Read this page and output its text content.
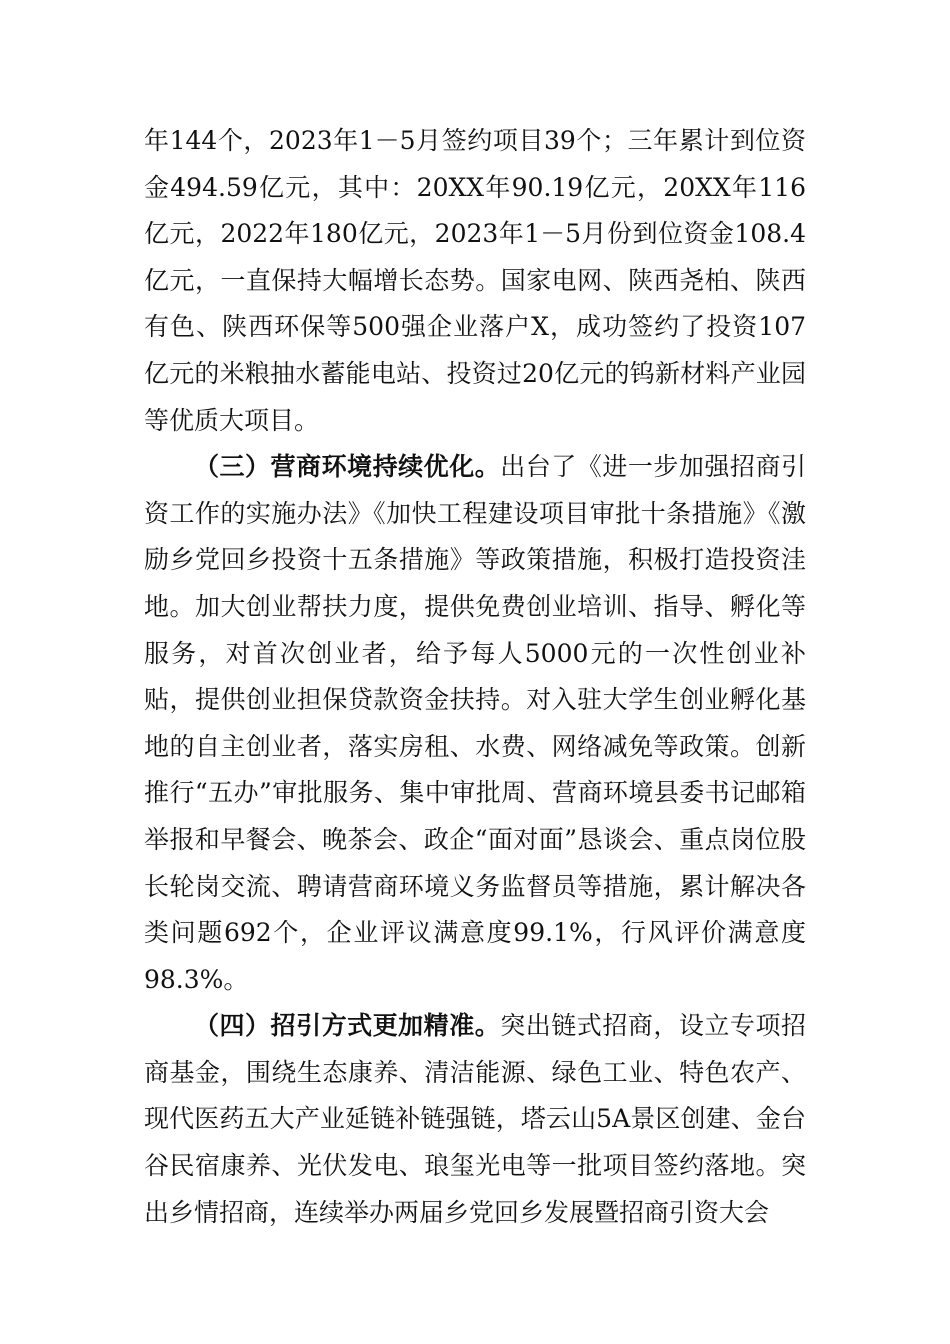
年144个，2023年1－5月签约项目39个；三年累计到位资金494.59亿元，其中：20XX年90.19亿元，20XX年116亿元，2022年180亿元，2023年1－5月份到位资金108.4亿元，一直保持大幅增长态势。国家电网、陕西尧柏、陕西有色、陕西环保等500强企业落户X，成功签约了投资107亿元的米粮抽水蓄能电站、投资过20亿元的钨新材料产业园等优质大项目。

（三）营商环境持续优化。出台了《进一步加强招商引资工作的实施办法》《加快工程建设项目审批十条措施》《激励乡党回乡投资十五条措施》等政策措施，积极打造投资洼地。加大创业帮扶力度，提供免费创业培训、指导、孵化等服务，对首次创业者，给予每人5000元的一次性创业补贴，提供创业担保贷款资金扶持。对入驻大学生创业孵化基地的自主创业者，落实房租、水费、网络减免等政策。创新推行“五办”审批服务、集中审批周、营商环境县委书记邮箱举报和早餐会、晚茶会、政企“面对面”恳谈会、重点岗位股长轮岗交流、聘请营商环境义务监督员等措施，累计解决各类问题692个，企业评议满意度99.1%，行风评价满意度98.3%。

（四）招引方式更加精准。突出链式招商，设立专项招商基金，围绕生态康养、清洁能源、绿色工业、特色农产、现代医药五大产业延链补链强链，塔云山5A景区创建、金台谷民宿康养、光伏发电、琅玺光电等一批项目签约落地。突出乡情招商，连续举办两届乡党回乡发展暨招商引资大会
